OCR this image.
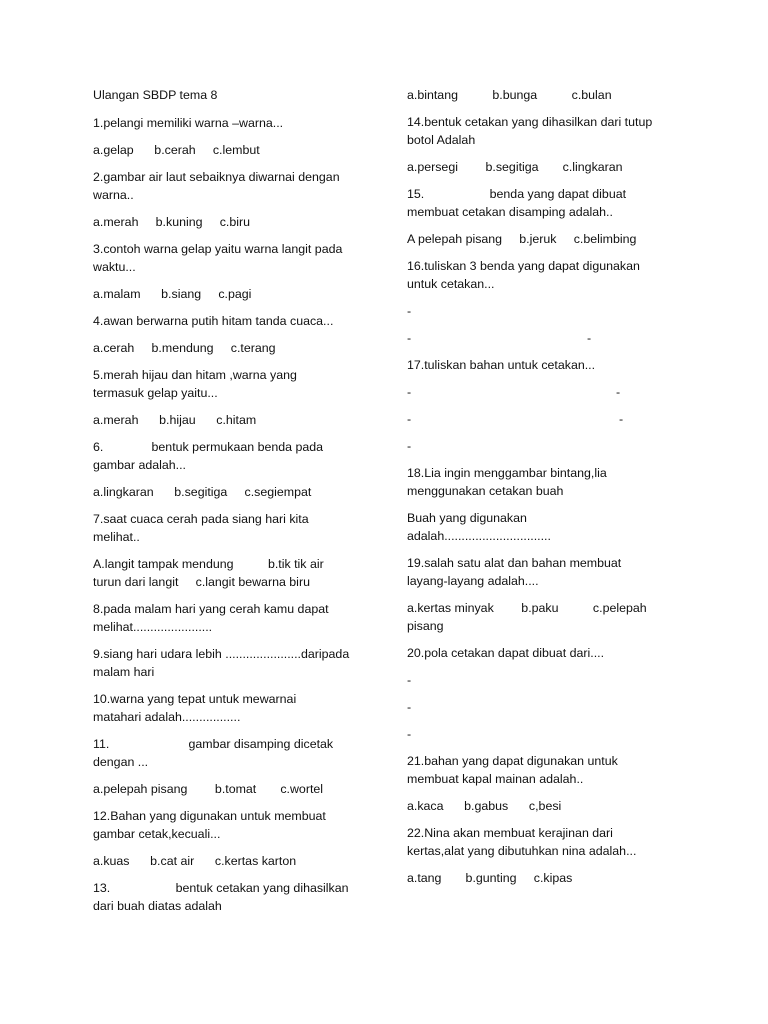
Ulangan SBDP tema 8

1.pelangi memiliki warna –warna...

a.gelap      b.cerah     c.lembut

2.gambar air laut sebaiknya diwarnai dengan
warna..

a.merah     b.kuning     c.biru

3.contoh warna gelap yaitu warna langit pada
waktu...

a.malam      b.siang     c.pagi

4.awan berwarna putih hitam tanda cuaca...

a.cerah     b.mendung     c.terang

5.merah hijau dan hitam ,warna yang
termasuk gelap yaitu...

a.merah      b.hijau      c.hitam

6.              bentuk permukaan benda pada
gambar adalah...

a.lingkaran      b.segitiga     c.segiempat

7.saat cuaca cerah pada siang hari kita
melihat..

A.langit tampak mendung          b.tik tik air
turun dari langit     c.langit bewarna biru

8.pada malam hari yang cerah kamu dapat
melihat.......................

9.siang hari udara lebih ......................daripada
malam hari

10.warna yang tepat untuk mewarnai
matahari adalah.................

11.                       gambar disamping dicetak
dengan ...

a.pelepah pisang        b.tomat       c.wortel

12.Bahan yang digunakan untuk membuat
gambar cetak,kecuali...

a.kuas      b.cat air      c.kertas karton

13.                   bentuk cetakan yang dihasilkan
dari buah diatas adalah

a.bintang          b.bunga          c.bulan

14.bentuk cetakan yang dihasilkan dari tutup
botol Adalah

a.persegi        b.segitiga       c.lingkaran

15.                   benda yang dapat dibuat
membuat cetakan disamping adalah..

A pelepah pisang     b.jeruk     c.belimbing

16.tuliskan 3 benda yang dapat digunakan
untuk cetakan...

-
-	-

17.tuliskan bahan untuk cetakan...

-	-
-	-
-

18.Lia ingin menggambar bintang,lia
menggunakan cetakan buah

Buah yang digunakan
adalah...............................

19.salah satu alat dan bahan membuat
layang-layang adalah....

a.kertas minyak        b.paku          c.pelepah
pisang

20.pola cetakan dapat dibuat dari....

-
-
-

21.bahan yang dapat digunakan untuk
membuat kapal mainan adalah..

a.kaca      b.gabus      c,besi

22.Nina akan membuat kerajinan dari
kertas,alat yang dibutuhkan nina adalah...

a.tang       b.gunting     c.kipas
